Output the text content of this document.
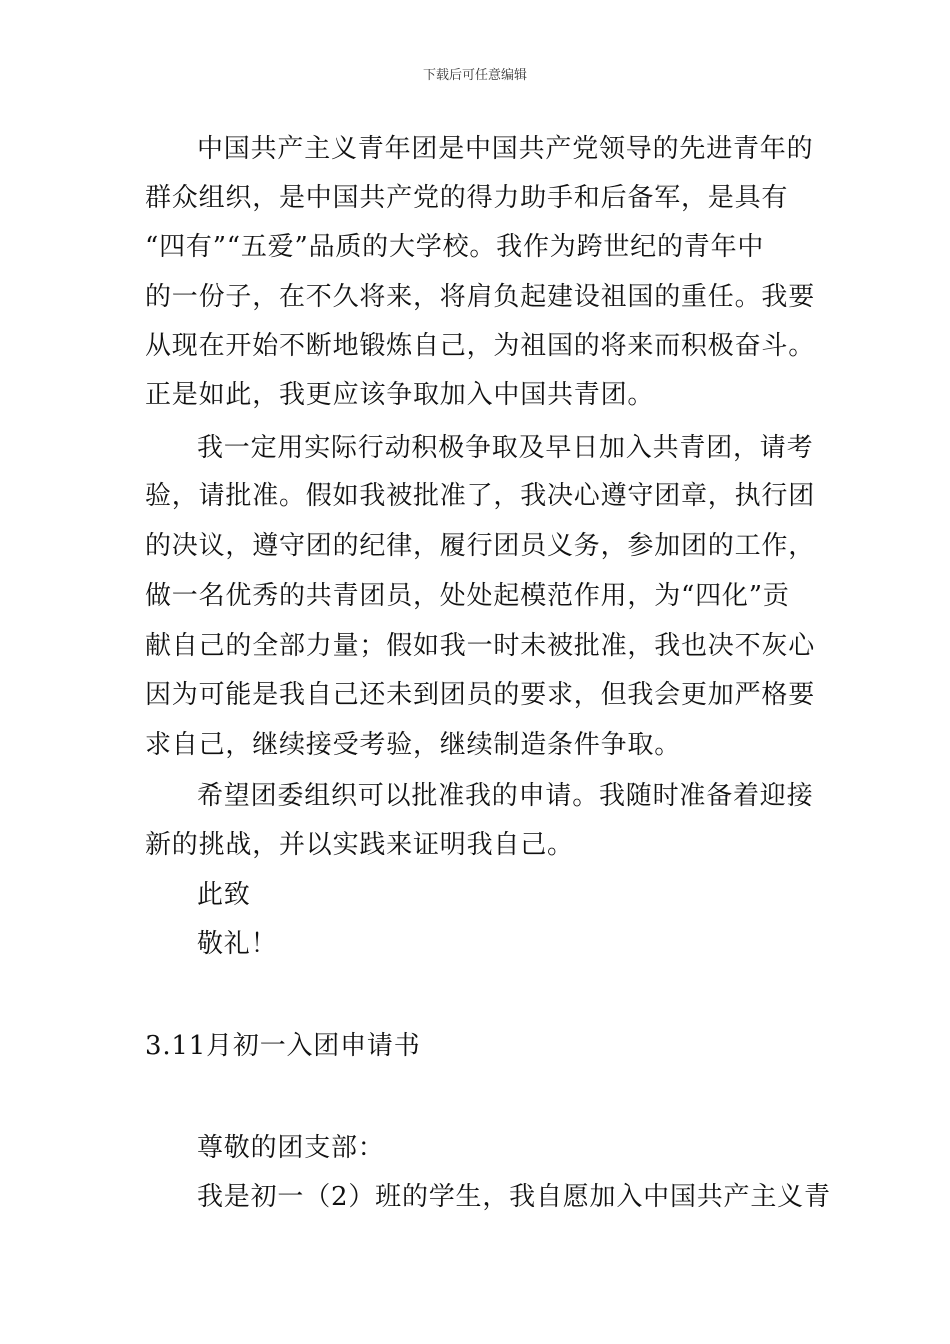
下载后可任意编辑
中国共产主义青年团是中国共产党领导的先进青年的
群众组织，是中国共产党的得力助手和后备军，是具有
“四有”“五爱”品质的大学校。我作为跨世纪的青年中
的一份子，在不久将来，将肩负起建设祖国的重任。我要
从现在开始不断地锻炼自己，为祖国的将来而积极奋斗。
正是如此，我更应该争取加入中国共青团。
我一定用实际行动积极争取及早日加入共青团，请考
验，请批准。假如我被批准了，我决心遵守团章，执行团
的决议，遵守团的纪律，履行团员义务，参加团的工作，
做一名优秀的共青团员，处处起模范作用，为“四化”贡
献自己的全部力量；假如我一时未被批准，我也决不灰心
因为可能是我自己还未到团员的要求，但我会更加严格要
求自己，继续接受考验，继续制造条件争取。
希望团委组织可以批准我的申请。我随时准备着迎接
新的挑战，并以实践来证明我自己。
此致
敬礼！
3.11月初一入团申请书
尊敬的团支部：
我是初一（2）班的学生，我自愿加入中国共产主义青
